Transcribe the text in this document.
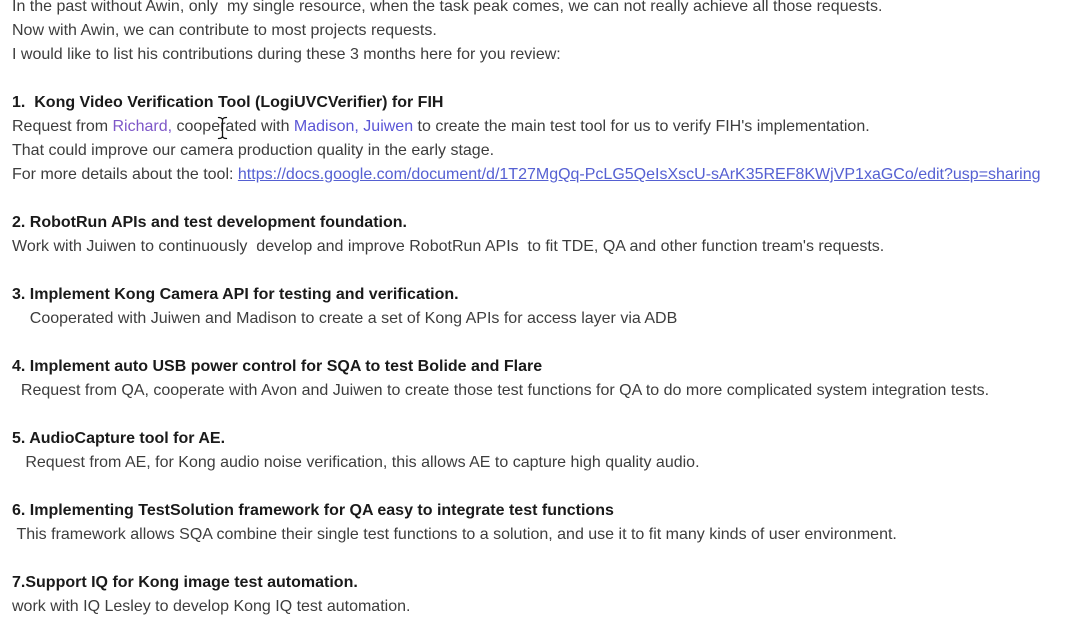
In the past without Awin, only  my single resource, when the task peak comes, we can not really achieve all those requests.
Now with Awin, we can contribute to most projects requests.
I would like to list his contributions during these 3 months here for you review:
1.  Kong Video Verification Tool (LogiUVCVerifier) for FIH
Request from Richard, cooperated with Madison, Juiwen to create the main test tool for us to verify FIH's implementation.
That could improve our camera production quality in the early stage.
For more details about the tool: https://docs.google.com/document/d/1T27MgQq-PcLG5QeIsXscU-sArK35REF8KWjVP1xaGCo/edit?usp=sharing
2. RobotRun APIs and test development foundation.
Work with Juiwen to continuously  develop and improve RobotRun APIs  to fit TDE, QA and other function tream's requests.
3. Implement Kong Camera API for testing and verification.
Cooperated with Juiwen and Madison to create a set of Kong APIs for access layer via ADB
4. Implement auto USB power control for SQA to test Bolide and Flare
Request from QA, cooperate with Avon and Juiwen to create those test functions for QA to do more complicated system integration tests.
5. AudioCapture tool for AE.
Request from AE, for Kong audio noise verification, this allows AE to capture high quality audio.
6. Implementing TestSolution framework for QA easy to integrate test functions
This framework allows SQA combine their single test functions to a solution, and use it to fit many kinds of user environment.
7.Support IQ for Kong image test automation.
work with IQ Lesley to develop Kong IQ test automation.
